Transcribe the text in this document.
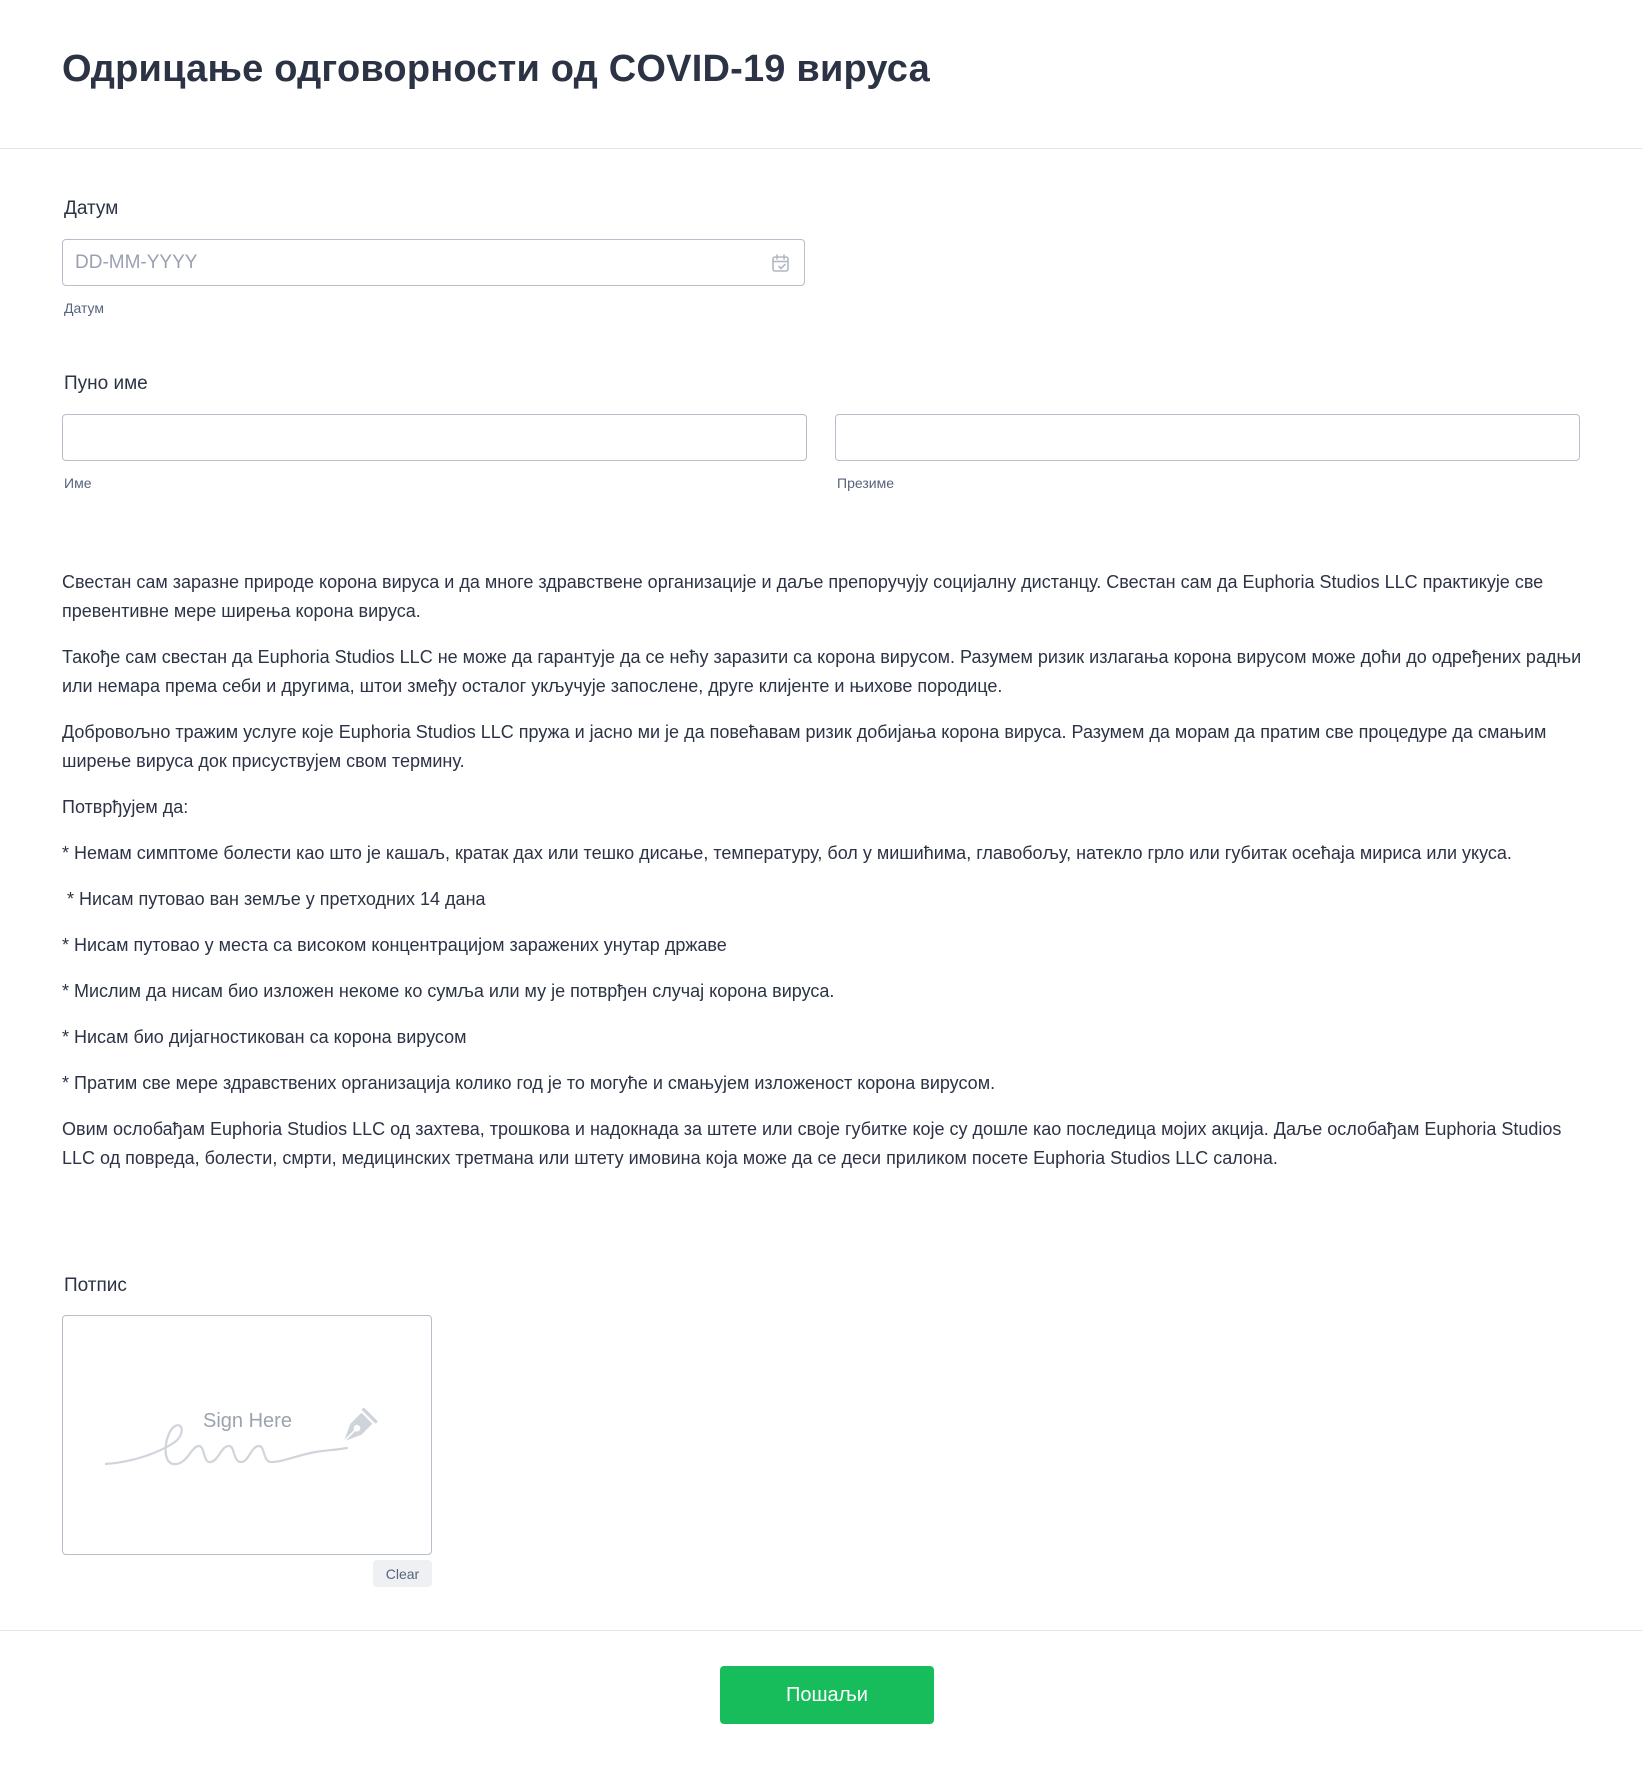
Одрицање одговорности од COVID-19 вируса
Датум
DD-MM-YYYY
Датум
Пуно име
Име	Презиме

Свестан сам заразне природе корона вируса и да многе здравствене организације и даље препоручују социјалну дистанцу. Свестан сам да Euphoria Studios LLC практикује све превентивне мере ширења корона вируса.

Такође сам свестан да Euphoria Studios LLC не може да гарантује да се нећу заразити са корона вирусом. Разумем ризик излагања корона вирусом може доћи до одређених радњи или немара према себи и другима, штои змеђу осталог укључује запослене, друге клијенте и њихове породице.

Добровољно тражим услуге које Euphoria Studios LLC пружа и јасно ми је да повећавам ризик добијања корона вируса. Разумем да морам да пратим све процедуре да смањим ширење вируса док присуствујем свом термину.

Потврђујем да:

* Немам симптоме болести као што је кашаљ, кратак дах или тешко дисање, температуру, бол у мишићима, главобољу, натекло грло или губитак осећаја мириса или укуса.

* Нисам путовао ван земље у претходних 14 дана

* Нисам путовао у места са високом концентрацијом заражених унутар државе

* Мислим да нисам био изложен некоме ко сумља или му је потврђен случај корона вируса.

* Нисам био дијагностикован са корона вирусом

* Пратим све мере здравствених организација колико год је то могуће и смањујем изложеност корона вирусом.

Овим ослобађам Euphoria Studios LLC од захтева, трошкова и надокнада за штете или своје губитке које су дошле као последица мојих акција. Даље ослобађам Euphoria Studios LLC од повреда, болести, смрти, медицинских третмана или штету имовина која може да се деси приликом посете Euphoria Studios LLC салона.

Потпис
Sign Here
Clear
Пошаљи
